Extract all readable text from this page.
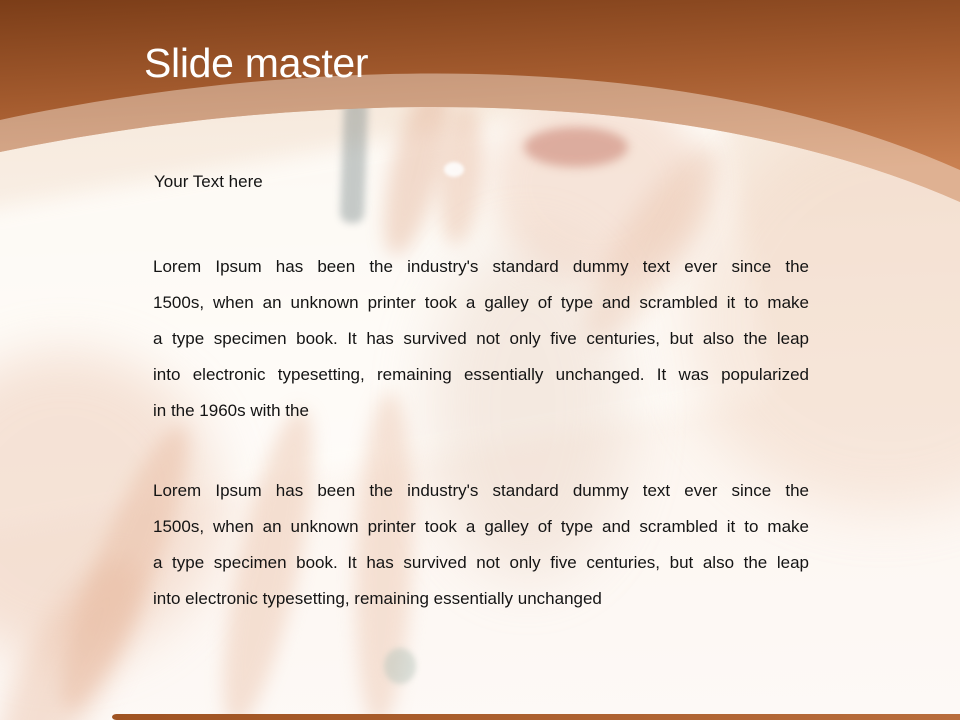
Slide master
Your Text here
Lorem Ipsum has been the industry's standard dummy text ever since the
1500s, when an unknown printer took a galley of type and scrambled it to make
a type specimen book. It has survived not only five centuries, but also the leap
into electronic typesetting, remaining essentially unchanged. It was popularized
in the 1960s with the
Lorem Ipsum has been the industry's standard dummy text ever since the
1500s, when an unknown printer took a galley of type and scrambled it to make
a type specimen book. It has survived not only five centuries, but also the leap
into electronic typesetting, remaining essentially unchanged
